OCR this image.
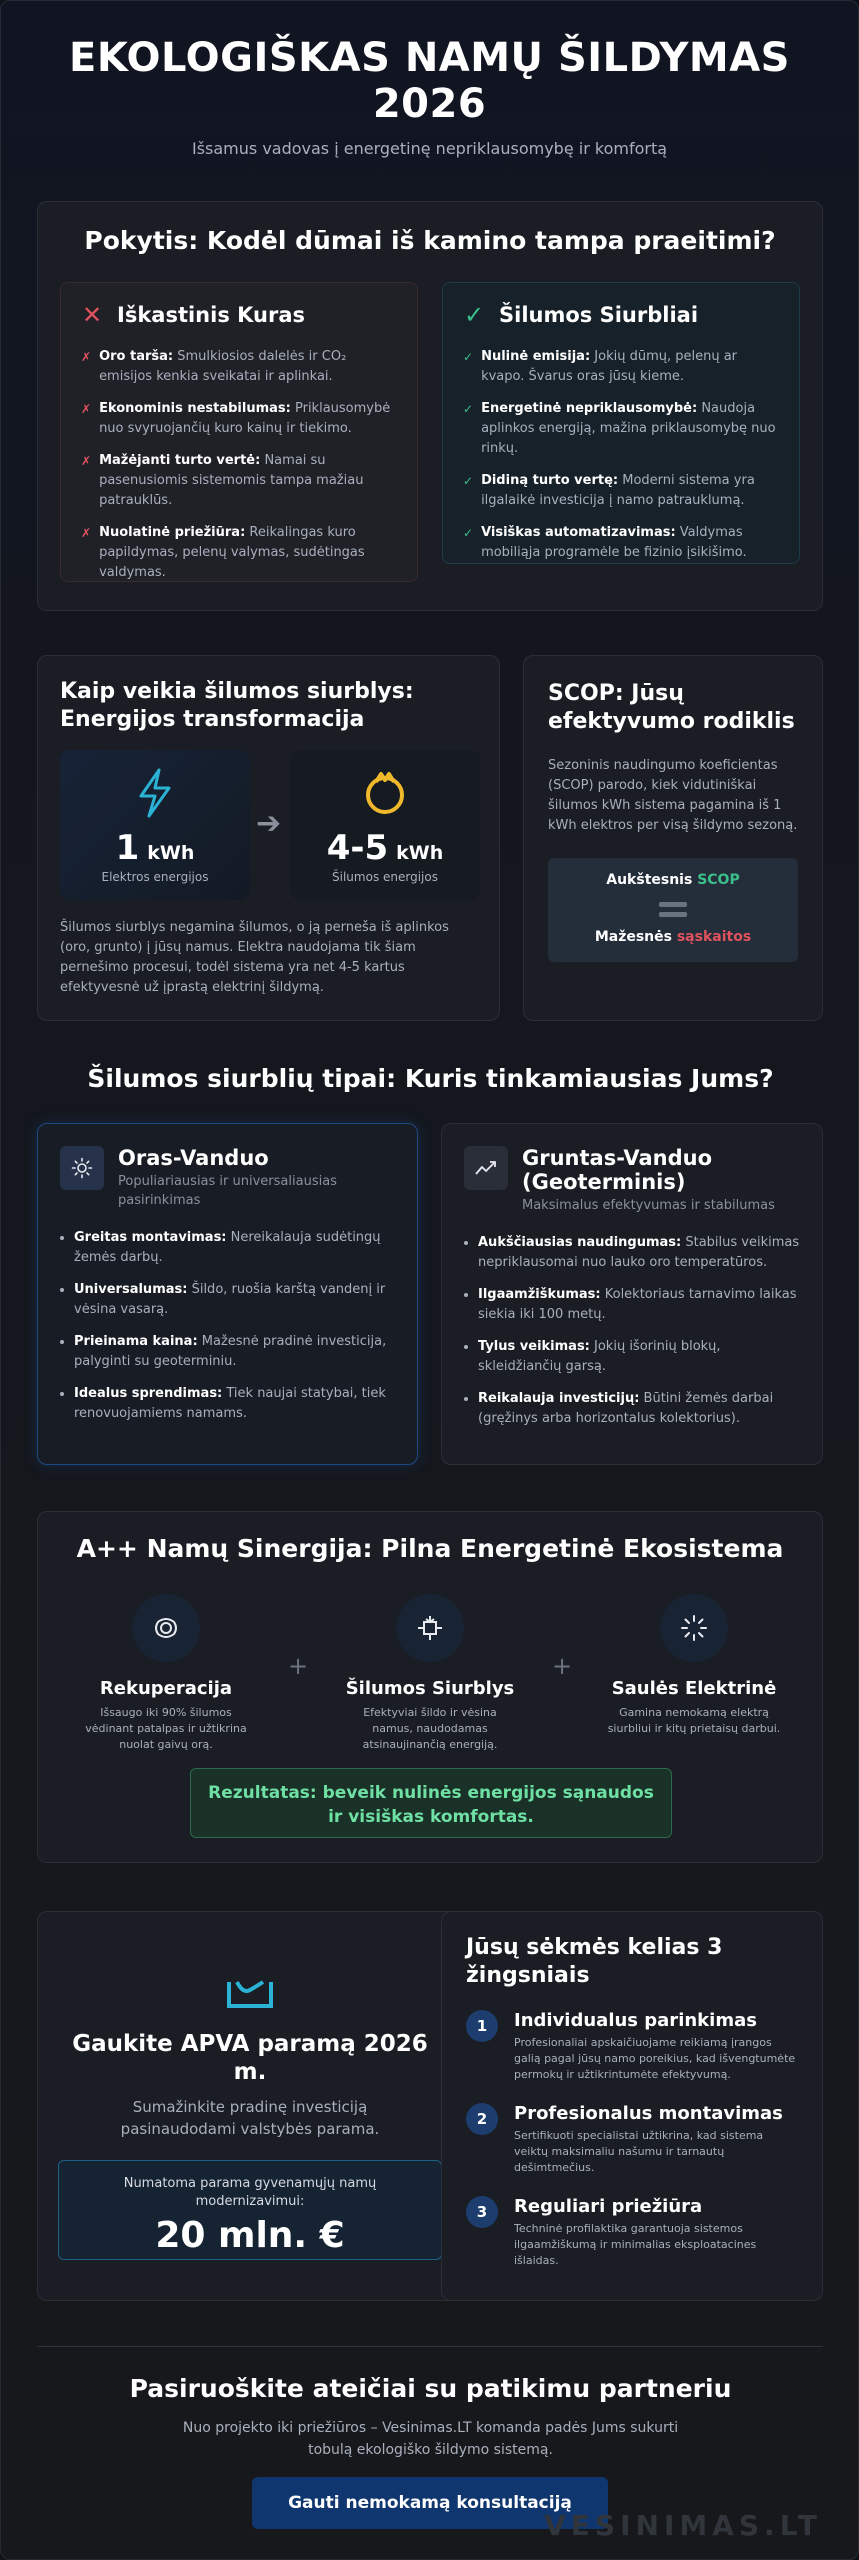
EKOLOGIŠKAS NAMŲ ŠILDYMAS
2026

Išsamus vadovas į energetinę nepriklausomybę ir komfortą

Pokytis: Kodėl dūmai iš kamino tampa praeitimi?
✕ Iškastinis Kuras
✗ Oro tarša: Smulkiosios dalelės ir CO₂ emisijos kenkia sveikatai ir aplinkai.
✗ Ekonominis nestabilumas: Priklausomybė nuo svyruojančių kuro kainų ir tiekimo.
✗ Mažėjanti turto vertė: Namai su pasenusiomis sistemomis tampa mažiau patrauklūs.
✗ Nuolatinė priežiūra: Reikalingas kuro papildymas, pelenų valymas, sudėtingas valdymas.
✓ Šilumos Siurbliai
✓ Nulinė emisija: Jokių dūmų, pelenų ar kvapo. Švarus oras jūsų kieme.
✓ Energetinė nepriklausomybė: Naudoja aplinkos energiją, mažina priklausomybę nuo rinkų.
✓ Didiną turto vertę: Moderni sistema yra ilgalaikė investicija į namo patrauklumą.
✓ Visiškas automatizavimas: Valdymas mobiliąja programėle be fizinio įsikišimo.
Kaip veikia šilumos siurblys:
Energijos transformacija
1 kWh
Elektros energijos
➔
4-5 kWh
Šilumos energijos
Šilumos siurblys negamina šilumos, o ją perneša iš aplinkos (oro, grunto) į jūsų namus. Elektra naudojama tik šiam pernešimo procesui, todėl sistema yra net 4-5 kartus efektyvesnė už įprastą elektrinį šildymą.
SCOP: Jūsų
efektyvumo rodiklis
Sezoninis naudingumo koeficientas (SCOP) parodo, kiek vidutiniškai šilumos kWh sistema pagamina iš 1 kWh elektros per visą šildymo sezoną.
Aukštesnis SCOP
Mažesnės sąskaitos
Šilumos siurblių tipai: Kuris tinkamiausias Jums?
Oras-Vanduo
Populiariausias ir universaliausias pasirinkimas
• Greitas montavimas: Nereikalauja sudėtingų žemės darbų.
• Universalumas: Šildo, ruošia karštą vandenį ir vėsina vasarą.
• Prieinama kaina: Mažesnė pradinė investicija, palyginti su geoterminiu.
• Idealus sprendimas: Tiek naujai statybai, tiek renovuojamiems namams.
Gruntas-Vanduo
(Geoterminis)
Maksimalus efektyvumas ir stabilumas
• Aukščiausias naudingumas: Stabilus veikimas nepriklausomai nuo lauko oro temperatūros.
• Ilgaamžiškumas: Kolektoriaus tarnavimo laikas siekia iki 100 metų.
• Tylus veikimas: Jokių išorinių blokų, skleidžiančių garsą.
• Reikalauja investicijų: Būtini žemės darbai (gręžinys arba horizontalus kolektorius).
A++ Namų Sinergija: Pilna Energetinė Ekosistema
Rekuperacija
Išsaugo iki 90% šilumos vėdinant patalpas ir užtikrina nuolat gaivų orą.
+
Šilumos Siurblys
Efektyviai šildo ir vėsina namus, naudodamas atsinaujinančią energiją.
+
Saulės Elektrinė
Gamina nemokamą elektrą siurbliui ir kitų prietaisų darbui.
Rezultatas: beveik nulinės energijos sąnaudos
ir visiškas komfortas.
Gaukite APVA paramą 2026
m.
Sumažinkite pradinę investiciją
pasinaudodami valstybės parama.
Numatoma parama gyvenamųjų namų
modernizavimui:
20 mln. €
Jūsų sėkmės kelias 3
žingsniais
1	Individualus parinkimas
Profesionaliai apskaičiuojame reikiamą įrangos galią pagal jūsų namo poreikius, kad išvengtumėte permokų ir užtikrintumėte efektyvumą.
2	Profesionalus montavimas
Sertifikuoti specialistai užtikrina, kad sistema veiktų maksimaliu našumu ir tarnautų dešimtmečius.
3	Reguliari priežiūra
Techninė profilaktika garantuoja sistemos ilgaamžiškumą ir minimalias eksploatacines išlaidas.
Pasiruoškite ateičiai su patikimu partneriu
Nuo projekto iki priežiūros – Vesinimas.LT komanda padės Jums sukurti
tobulą ekologiško šildymo sistemą.
Gauti nemokamą konsultaciją
VESINIMAS.LT
